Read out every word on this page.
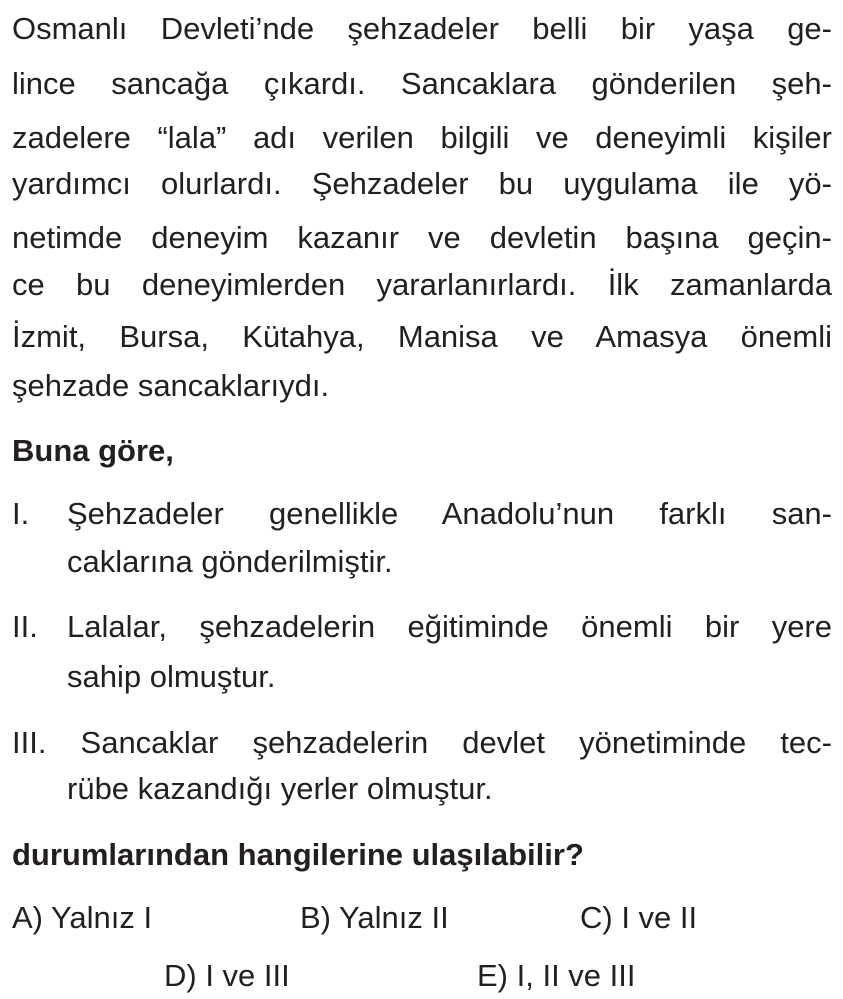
Osmanlı Devleti’nde şehzadeler belli bir yaşa ge-
lince sancağa çıkardı. Sancaklara gönderilen şeh-
zadelere “lala” adı verilen bilgili ve deneyimli kişiler
yardımcı olurlardı. Şehzadeler bu uygulama ile yö-
netimde deneyim kazanır ve devletin başına geçin-
ce bu deneyimlerden yararlanırlardı. İlk zamanlarda
İzmit, Bursa, Kütahya, Manisa ve Amasya önemli
şehzade sancaklarıydı.
Buna göre,
I. Şehzadeler genellikle Anadolu’nun farklı san-
caklarına gönderilmiştir.
II. Lalalar, şehzadelerin eğitiminde önemli bir yere
sahip olmuştur.
III. Sancaklar şehzadelerin devlet yönetiminde tec-
rübe kazandığı yerler olmuştur.
durumlarından hangilerine ulaşılabilir?
A) Yalnız I	B) Yalnız II	C) I ve II
D) I ve III	E) I, II ve III
